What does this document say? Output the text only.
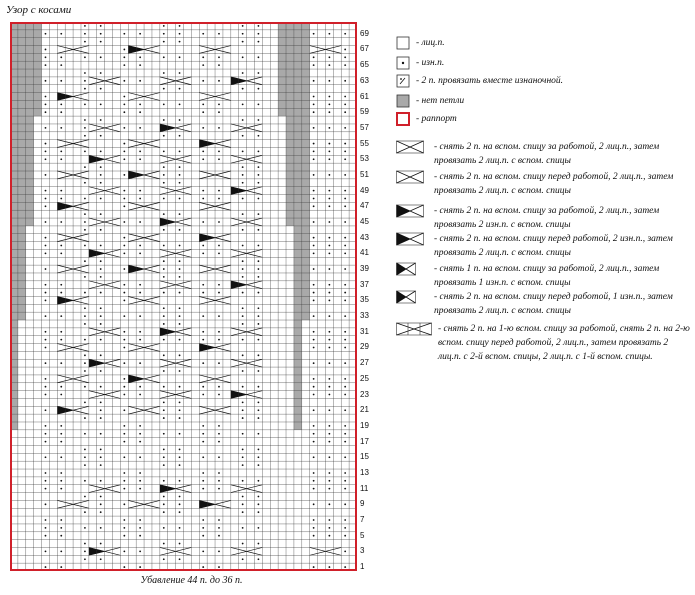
Узор с косами
1
3
5
7
9
11
13
15
17
19
21
23
25
27
29
31
33
35
37
39
41
43
45
47
49
51
53
55
57
59
61
63
65
67
69
Убавление 44 п. до 36 п.
- лиц.п.
- изн.п.
- 2 п. провязать вместе изнаночной.
- нет петли
- раппорт
- снять 2 п. на вспом. спицу за работой, 2 лиц.п., затем провязать 2 лиц.п. с вспом. спицы
- снять 2 п. на вспом. спицу перед работой, 2 лиц.п., затем провязать 2 лиц.п. с вспом. спицы
- снять 2 п. на вспом. спицу за работой, 2 лиц.п., затем провязать 2 изн.п. с вспом. спицы
- снять 2 п. на вспом. спицу перед работой, 2 изн.п., затем провязать 2 лиц.п. с вспом. спицы
- снять 1 п. на вспом. спицу за работой, 2 лиц.п., затем провязать 1 изн.п. с вспом. спицы
- снять 2 п. на вспом. спицу перед работой, 1 изн.п., затем провязать 2 лиц.п. с вспом. спицы
- снять 2 п. на 1-ю вспом. спицу за работой, снять 2 п. на 2-ю вспом. спицу перед работой, 2 лиц.п., затем провязать 2 лиц.п. с 2-й вспом. спицы, 2 лиц.п. с 1-й вспом. спицы.
